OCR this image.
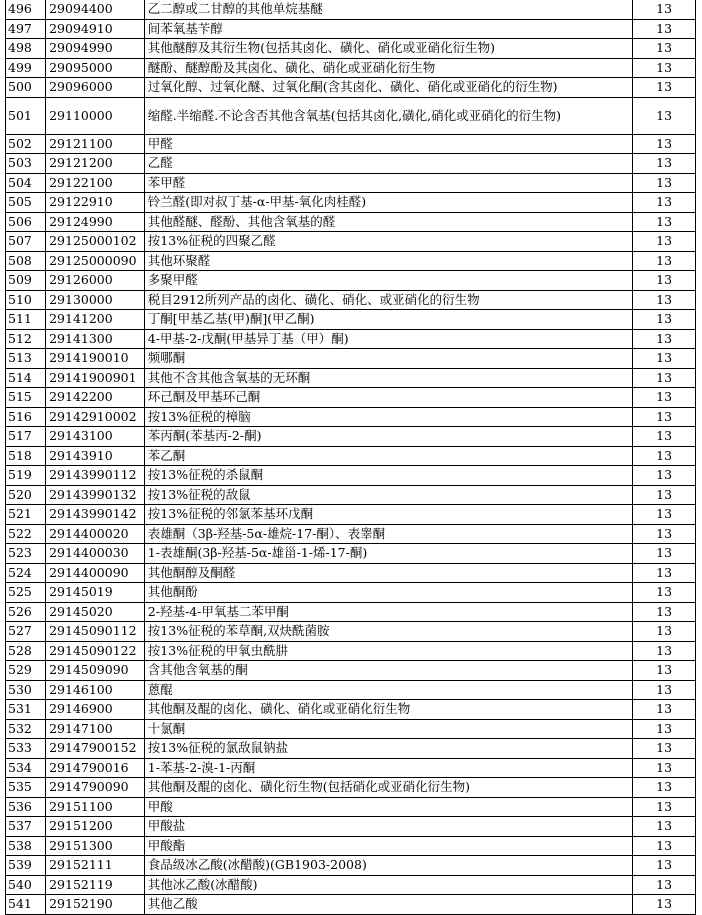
496	29094400	乙二醇或二甘醇的其他单烷基醚	13
497	29094910	间苯氧基苄醇	13
498	29094990	其他醚醇及其衍生物(包括其卤化、磺化、硝化或亚硝化衍生物)	13
499	29095000	醚酚、醚醇酚及其卤化、磺化、硝化或亚硝化衍生物	13
500	29096000	过氧化醇、过氧化醚、过氧化酮(含其卤化、磺化、硝化或亚硝化的衍生物)	13
501	29110000	缩醛.半缩醛.不论含否其他含氧基(包括其卤化,磺化,硝化或亚硝化的衍生物)	13
502	29121100	甲醛	13
503	29121200	乙醛	13
504	29122100	苯甲醛	13
505	29122910	铃兰醛(即对叔丁基-α-甲基-氧化肉桂醛)	13
506	29124990	其他醛醚、醛酚、其他含氧基的醛	13
507	29125000102	按13%征税的四聚乙醛	13
508	29125000090	其他环聚醛	13
509	29126000	多聚甲醛	13
510	29130000	税目2912所列产品的卤化、磺化、硝化、或亚硝化的衍生物	13
511	29141200	丁酮[甲基乙基(甲)酮](甲乙酮)	13
512	29141300	4-甲基-2-戊酮(甲基异丁基（甲）酮)	13
513	2914190010	频哪酮	13
514	29141900901	其他不含其他含氧基的无环酮	13
515	29142200	环己酮及甲基环己酮	13
516	29142910002	按13%征税的樟脑	13
517	29143100	苯丙酮(苯基丙-2-酮)	13
518	29143910	苯乙酮	13
519	29143990112	按13%征税的杀鼠酮	13
520	29143990132	按13%征税的敌鼠	13
521	29143990142	按13%征税的邻氯苯基环戊酮	13
522	2914400020	表雄酮（3β-羟基-5α-雄烷-17-酮）、表睾酮	13
523	2914400030	1-表雄酮(3β-羟基-5α-雄甾-1-烯-17-酮)	13
524	2914400090	其他酮醇及酮醛	13
525	29145019	其他酮酚	13
526	29145020	2-羟基-4-甲氧基二苯甲酮	13
527	29145090112	按13%征税的苯草酮,双炔酰菌胺	13
528	29145090122	按13%征税的甲氧虫酰肼	13
529	2914509090	含其他含氧基的酮	13
530	29146100	蒽醌	13
531	29146900	其他酮及醌的卤化、磺化、硝化或亚硝化衍生物	13
532	29147100	十氯酮	13
533	29147900152	按13%征税的氯敌鼠钠盐	13
534	2914790016	1-苯基-2-溴-1-丙酮	13
535	2914790090	其他酮及醌的卤化、磺化衍生物(包括硝化或亚硝化衍生物)	13
536	29151100	甲酸	13
537	29151200	甲酸盐	13
538	29151300	甲酸酯	13
539	29152111	食品级冰乙酸(冰醋酸)(GB1903-2008)	13
540	29152119	其他冰乙酸(冰醋酸)	13
541	29152190	其他乙酸	13
